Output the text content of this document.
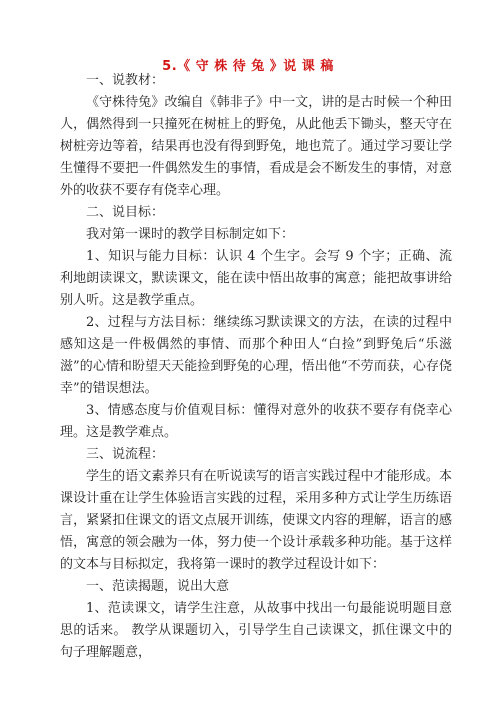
5.《 守 株 待 兔 》说 课 稿

一、说教材：

《守株待兔》改编自《韩非子》中一文，讲的是古时候一个种田人，偶然得到一只撞死在树桩上的野兔，从此他丢下锄头，整天守在树桩旁边等着，结果再也没有得到野兔，地也荒了。通过学习要让学生懂得不要把一件偶然发生的事情，看成是会不断发生的事情，对意外的收获不要存有侥幸心理。

二、说目标：

我对第一课时的教学目标制定如下：

1、知识与能力目标：认识 4 个生字。会写 9 个字；正确、流利地朗读课文，默读课文，能在读中悟出故事的寓意；能把故事讲给别人听。这是教学重点。

2、过程与方法目标：继续练习默读课文的方法，在读的过程中感知这是一件极偶然的事情、而那个种田人“白捡”到野兔后“乐滋滋”的心情和盼望天天能捡到野兔的心理，悟出他“不劳而获，心存侥幸”的错误想法。

3、情感态度与价值观目标：懂得对意外的收获不要存有侥幸心理。这是教学难点。

三、说流程：

学生的语文素养只有在听说读写的语言实践过程中才能形成。本课设计重在让学生体验语言实践的过程，采用多种方式让学生历练语言，紧紧扣住课文的语文点展开训练，使课文内容的理解，语言的感悟，寓意的领会融为一体，努力使一个设计承载多种功能。基于这样的文本与目标拟定，我将第一课时的教学过程设计如下：

一、范读揭题，说出大意

1、范读课文，请学生注意，从故事中找出一句最能说明题目意思的话来。 教学从课题切入，引导学生自己读课文，抓住课文中的句子理解题意，
